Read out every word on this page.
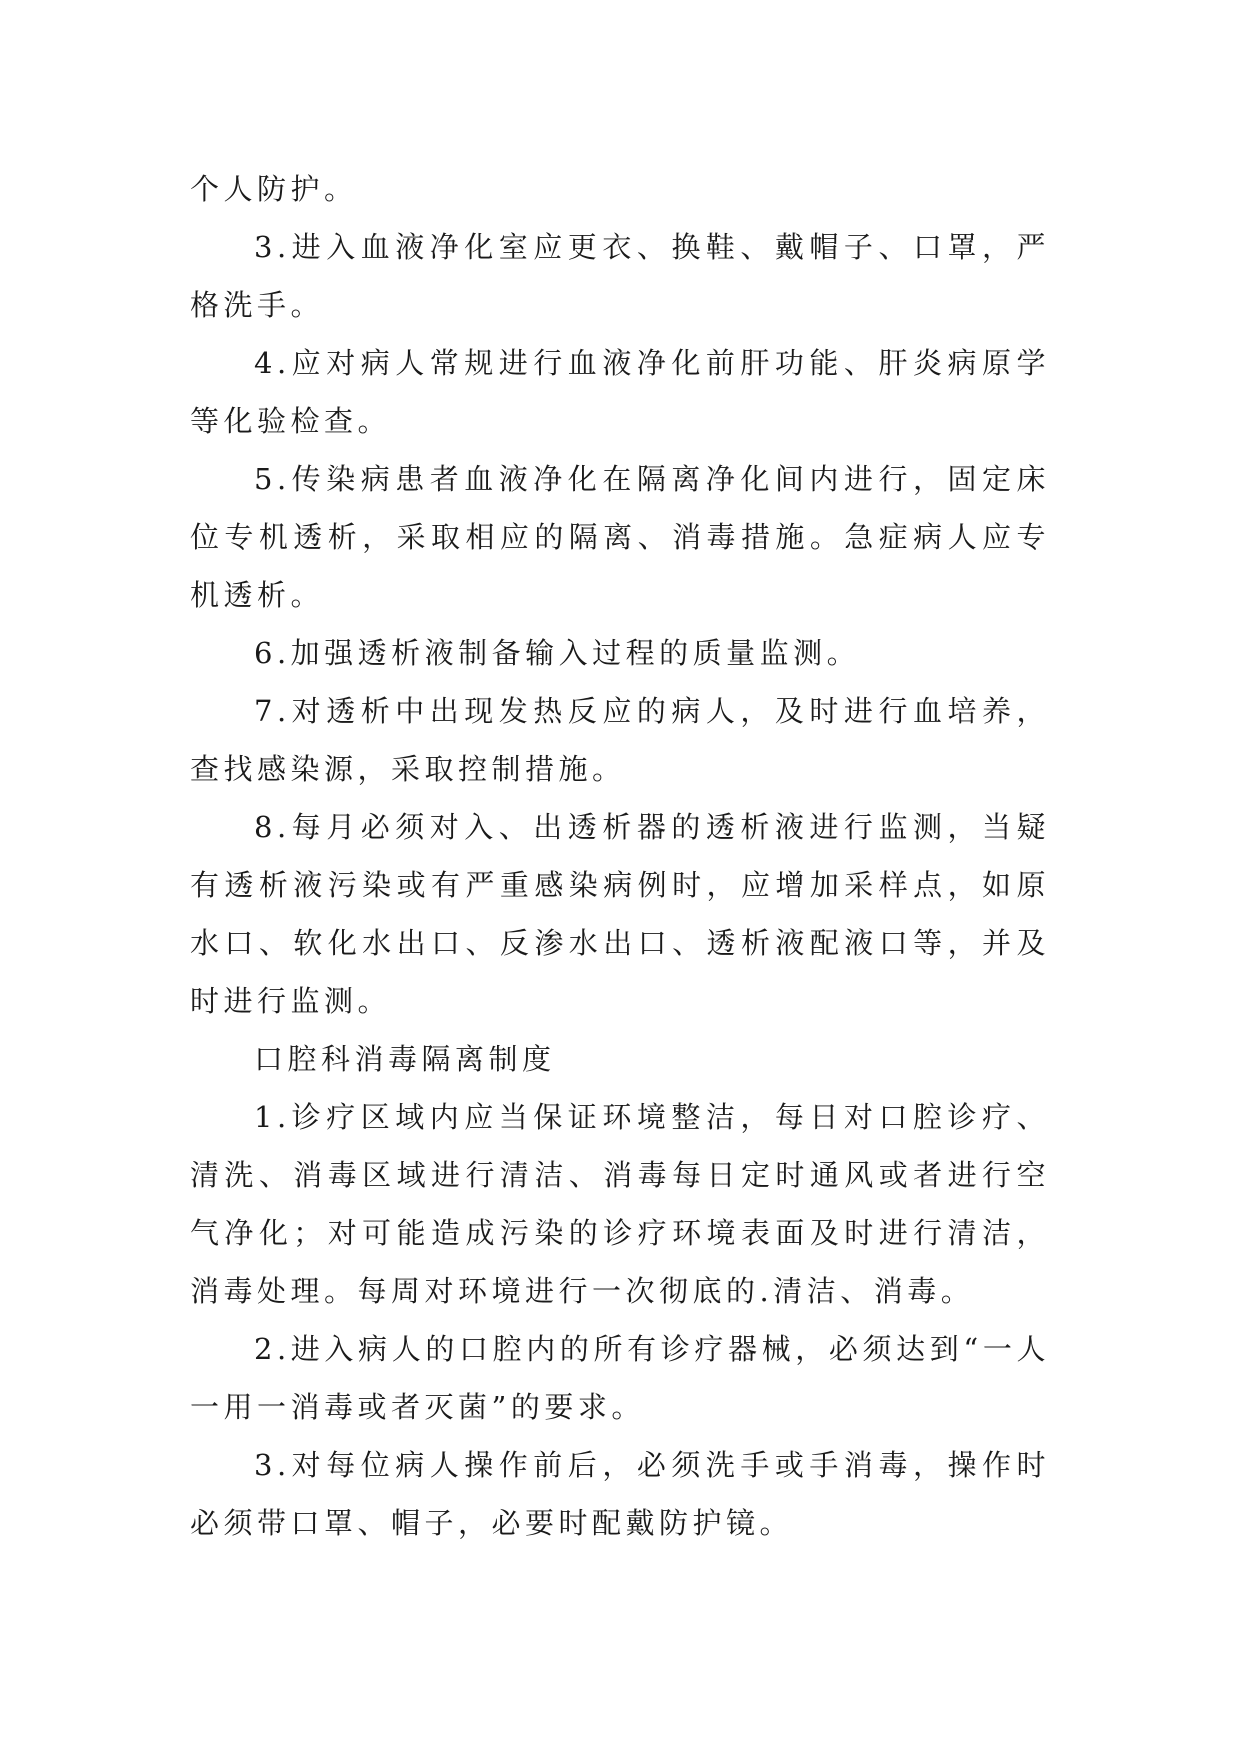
个人防护。

3.进入血液净化室应更衣、换鞋、戴帽子、口罩，严格洗手。

4.应对病人常规进行血液净化前肝功能、肝炎病原学等化验检查。

5.传染病患者血液净化在隔离净化间内进行，固定床位专机透析，采取相应的隔离、消毒措施。急症病人应专机透析。

6.加强透析液制备输入过程的质量监测。

7.对透析中出现发热反应的病人，及时进行血培养，查找感染源，采取控制措施。

8.每月必须对入、出透析器的透析液进行监测，当疑有透析液污染或有严重感染病例时，应增加采样点，如原水口、软化水出口、反渗水出口、透析液配液口等，并及时进行监测。

口腔科消毒隔离制度

1.诊疗区域内应当保证环境整洁，每日对口腔诊疗、清洗、消毒区域进行清洁、消毒每日定时通风或者进行空气净化；对可能造成污染的诊疗环境表面及时进行清洁，消毒处理。每周对环境进行一次彻底的.清洁、消毒。

2.进入病人的口腔内的所有诊疗器械，必须达到“一人一用一消毒或者灭菌”的要求。

3.对每位病人操作前后，必须洗手或手消毒，操作时必须带口罩、帽子，必要时配戴防护镜。
